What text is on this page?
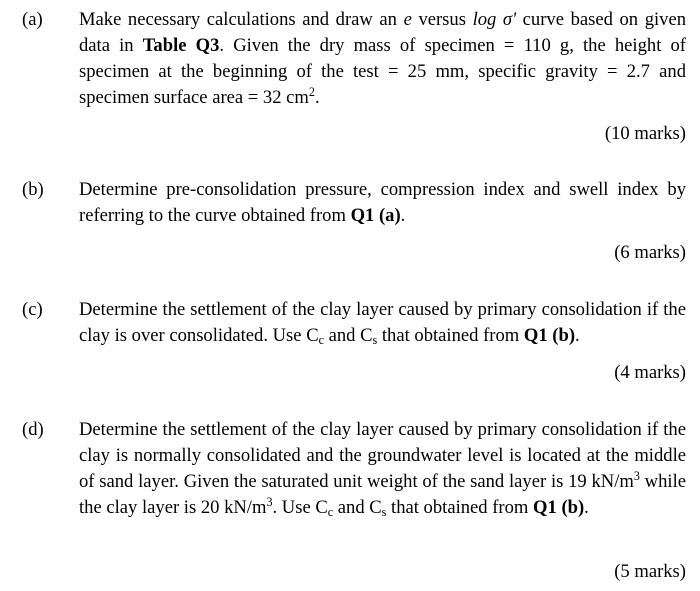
(a) Make necessary calculations and draw an e versus log σ' curve based on given data in Table Q3. Given the dry mass of specimen = 110 g, the height of specimen at the beginning of the test = 25 mm, specific gravity = 2.7 and specimen surface area = 32 $cm^2$.
(10 marks)
(b) Determine pre-consolidation pressure, compression index and swell index by referring to the curve obtained from Q1 (a).
(6 marks)
(c) Determine the settlement of the clay layer caused by primary consolidation if the clay is over consolidated. Use $C_c$ and $C_s$ that obtained from Q1 (b).
(4 marks)
(d) Determine the settlement of the clay layer caused by primary consolidation if the clay is normally consolidated and the groundwater level is located at the middle of sand layer. Given the saturated unit weight of the sand layer is 19 $kN/m^3$ while the clay layer is 20 $kN/m^3$. Use $C_c$ and $C_s$ that obtained from Q1 (b).
(5 marks)
